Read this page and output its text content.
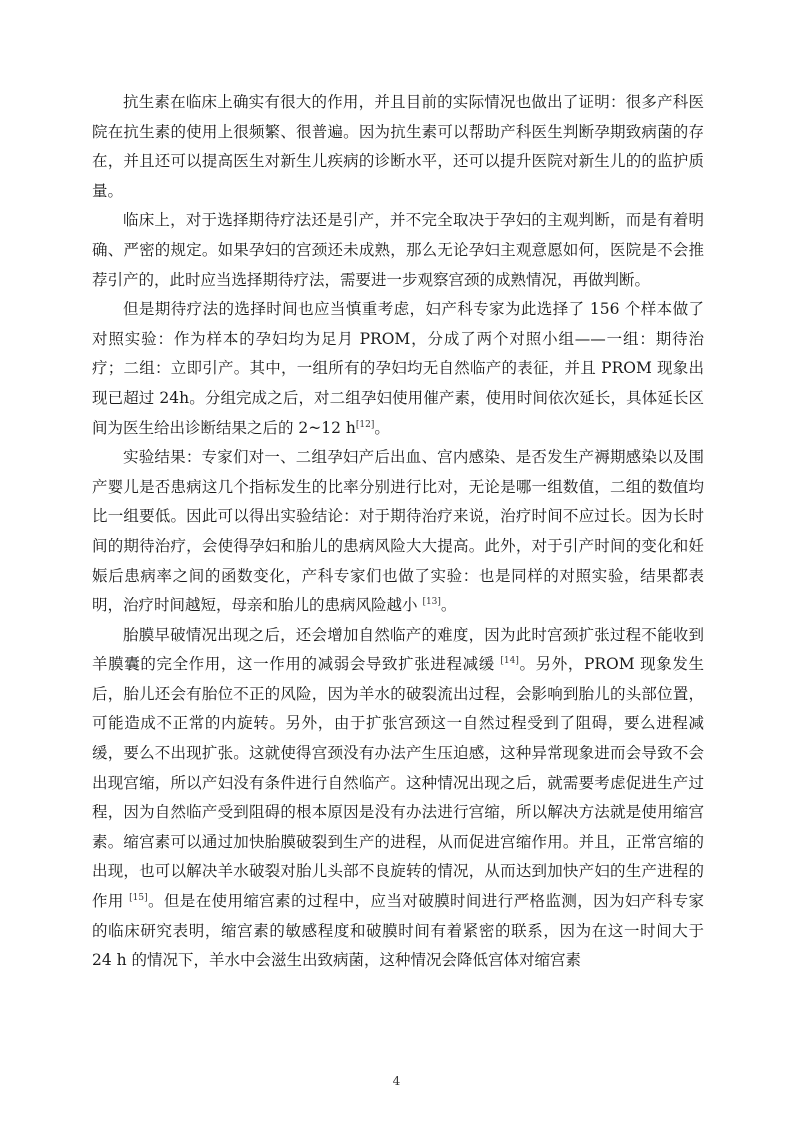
抗生素在临床上确实有很大的作用，并且目前的实际情况也做出了证明：很多产科医院在抗生素的使用上很频繁、很普遍。因为抗生素可以帮助产科医生判断孕期致病菌的存在，并且还可以提高医生对新生儿疾病的诊断水平，还可以提升医院对新生儿的的监护质量。

临床上，对于选择期待疗法还是引产，并不完全取决于孕妇的主观判断，而是有着明确、严密的规定。如果孕妇的宫颈还未成熟，那么无论孕妇主观意愿如何，医院是不会推荐引产的，此时应当选择期待疗法，需要进一步观察宫颈的成熟情况，再做判断。

但是期待疗法的选择时间也应当慎重考虑，妇产科专家为此选择了 156 个样本做了对照实验：作为样本的孕妇均为足月 PROM，分成了两个对照小组——一组：期待治疗；二组：立即引产。其中，一组所有的孕妇均无自然临产的表征，并且 PROM 现象出现已超过 24h。分组完成之后，对二组孕妇使用催产素，使用时间依次延长，具体延长区间为医生给出诊断结果之后的 2~12 h[12]。

实验结果：专家们对一、二组孕妇产后出血、宫内感染、是否发生产褥期感染以及围产婴儿是否患病这几个指标发生的比率分别进行比对，无论是哪一组数值，二组的数值均比一组要低。因此可以得出实验结论：对于期待治疗来说，治疗时间不应过长。因为长时间的期待治疗，会使得孕妇和胎儿的患病风险大大提高。此外，对于引产时间的变化和妊娠后患病率之间的函数变化，产科专家们也做了实验：也是同样的对照实验，结果都表明，治疗时间越短，母亲和胎儿的患病风险越小 [13]。

胎膜早破情况出现之后，还会增加自然临产的难度，因为此时宫颈扩张过程不能收到羊膜囊的完全作用，这一作用的减弱会导致扩张进程减缓 [14]。另外，PROM 现象发生后，胎儿还会有胎位不正的风险，因为羊水的破裂流出过程，会影响到胎儿的头部位置，可能造成不正常的内旋转。另外，由于扩张宫颈这一自然过程受到了阻碍，要么进程减缓，要么不出现扩张。这就使得宫颈没有办法产生压迫感，这种异常现象进而会导致不会出现宫缩，所以产妇没有条件进行自然临产。这种情况出现之后，就需要考虑促进生产过程，因为自然临产受到阻碍的根本原因是没有办法进行宫缩，所以解决方法就是使用缩宫素。缩宫素可以通过加快胎膜破裂到生产的进程，从而促进宫缩作用。并且，正常宫缩的出现，也可以解决羊水破裂对胎儿头部不良旋转的情况，从而达到加快产妇的生产进程的作用 [15]。但是在使用缩宫素的过程中，应当对破膜时间进行严格监测，因为妇产科专家的临床研究表明，缩宫素的敏感程度和破膜时间有着紧密的联系，因为在这一时间大于 24 h 的情况下，羊水中会滋生出致病菌，这种情况会降低宫体对缩宫素

4
